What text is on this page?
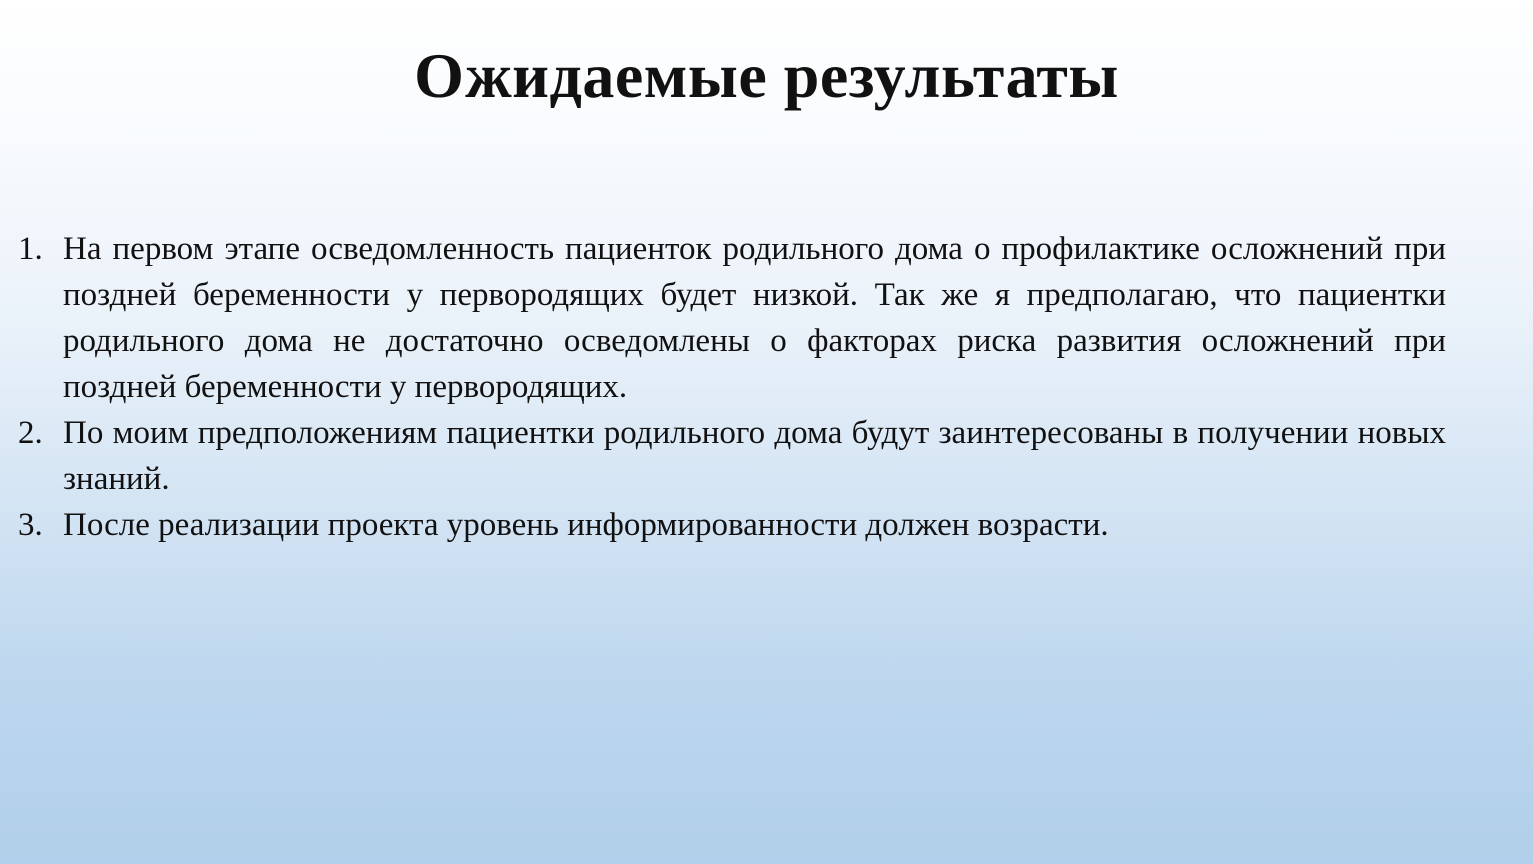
Ожидаемые результаты
1. На первом этапе осведомленность пациенток родильного дома о профилактике осложнений при поздней беременности у первородящих будет низкой. Так же я предполагаю, что пациентки родильного дома не достаточно осведомлены о факторах риска развития осложнений при поздней беременности у первородящих.
2. По моим предположениям пациентки родильного дома будут заинтересованы в получении новых знаний.
3. После реализации проекта уровень информированности должен возрасти.
